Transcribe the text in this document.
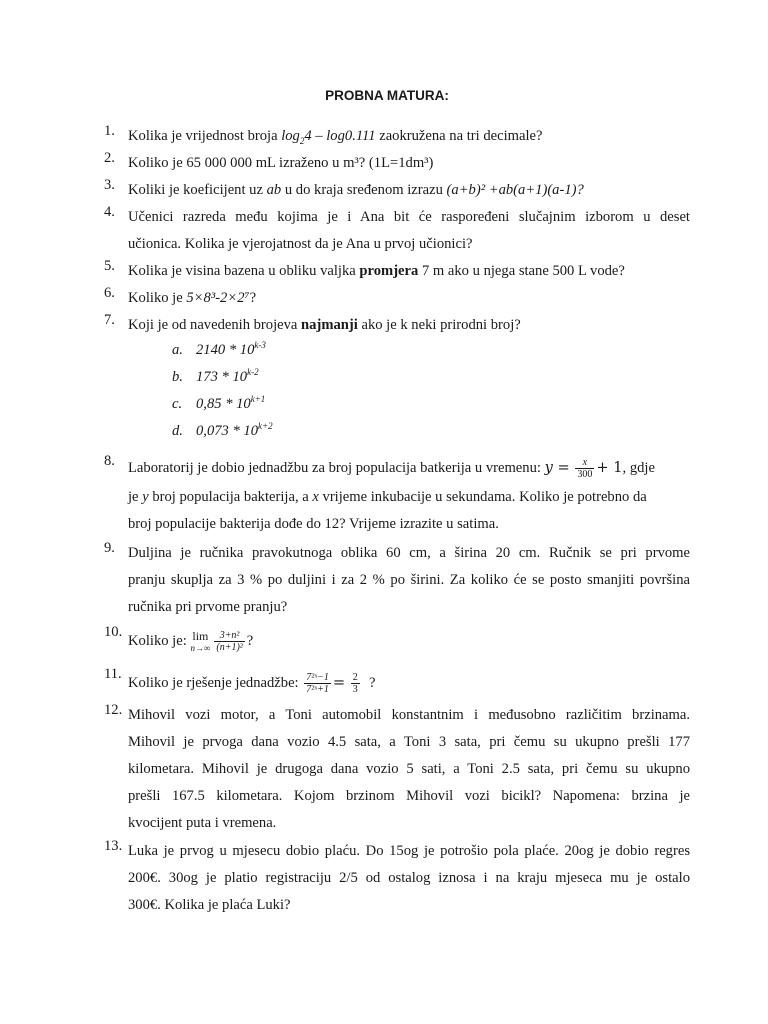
PROBNA MATURA:
1. Kolika je vrijednost broja $\log_24 - \log 0.111$ zaokružena na tri decimale?
2. Koliko je 65 000 000 mL izraženo u m³? (1L=1dm³)
3. Koliki je koeficijent uz ab u do kraja sređenom izrazu (a+b)² +ab(a+1)(a-1)?
4. Učenici razreda među kojima je i Ana bit će raspoređeni slučajnim izborom u deset
učionica. Kolika je vjerojatnost da je Ana u prvoj učionici?
5. Kolika je visina bazena u obliku valjka promjera 7 m ako u njega stane 500 L vode?
6. Koliko je 5×8³-2×2⁷?
7. Koji je od navedenih brojeva najmanji ako je k neki prirodni broj?
a. 2140 * 10$^{k-3}$
b. 173 * 10$^{k-2}$
c. $0,85 * 10^{k+1}$
d. $0,073 * 10^{k+2}$
8. Laboratorij je dobio jednadžbu za broj populacija batkerija u vremenu: $y = \frac{x}{300} + 1$, gdje
je y broj populacija bakterija, a x vrijeme inkubacije u sekundama. Koliko je potrebno da
broj populacije bakterija dođe do 12? Vrijeme izrazite u satima.
9. Duljina je ručnika pravokutnoga oblika 60 cm, a širina 20 cm. Ručnik se pri prvome
pranju skuplja za 3 % po duljini i za 2 % po širini. Za koliko će se posto smanjiti površina
ručnika pri prvome pranju?
10.
Koliko je: lim
$n\to\infty \frac{\text{3+n²}}{\text{(n+1)²}}$ ?
11.
Koliko je rješenje jednadžbe: $\frac{\text{7²ˣ−1}}{\text{7²ˣ+1}} = \frac{2}{3}$ ?
12. Mihovil vozi motor, a Toni automobil konstantnim i međusobno različitim brzinama.
Mihovil je prvoga dana vozio 4.5 sata, a Toni 3 sata, pri čemu su ukupno prešli 177
kilometara. Mihovil je drugoga dana vozio 5 sati, a Toni 2.5 sata, pri čemu su ukupno
prešli 167.5 kilometara. Kojom brzinom Mihovil vozi bicikl? Napomena: brzina je
kvocijent puta i vremena.
13. Luka je prvog u mjesecu dobio plaću. Do 15og je potrošio pola plaće. 20og je dobio regres
200€. 30og je platio registraciju 2/5 od ostalog iznosa i na kraju mjeseca mu je ostalo
300€. Kolika je plaća Luki?
